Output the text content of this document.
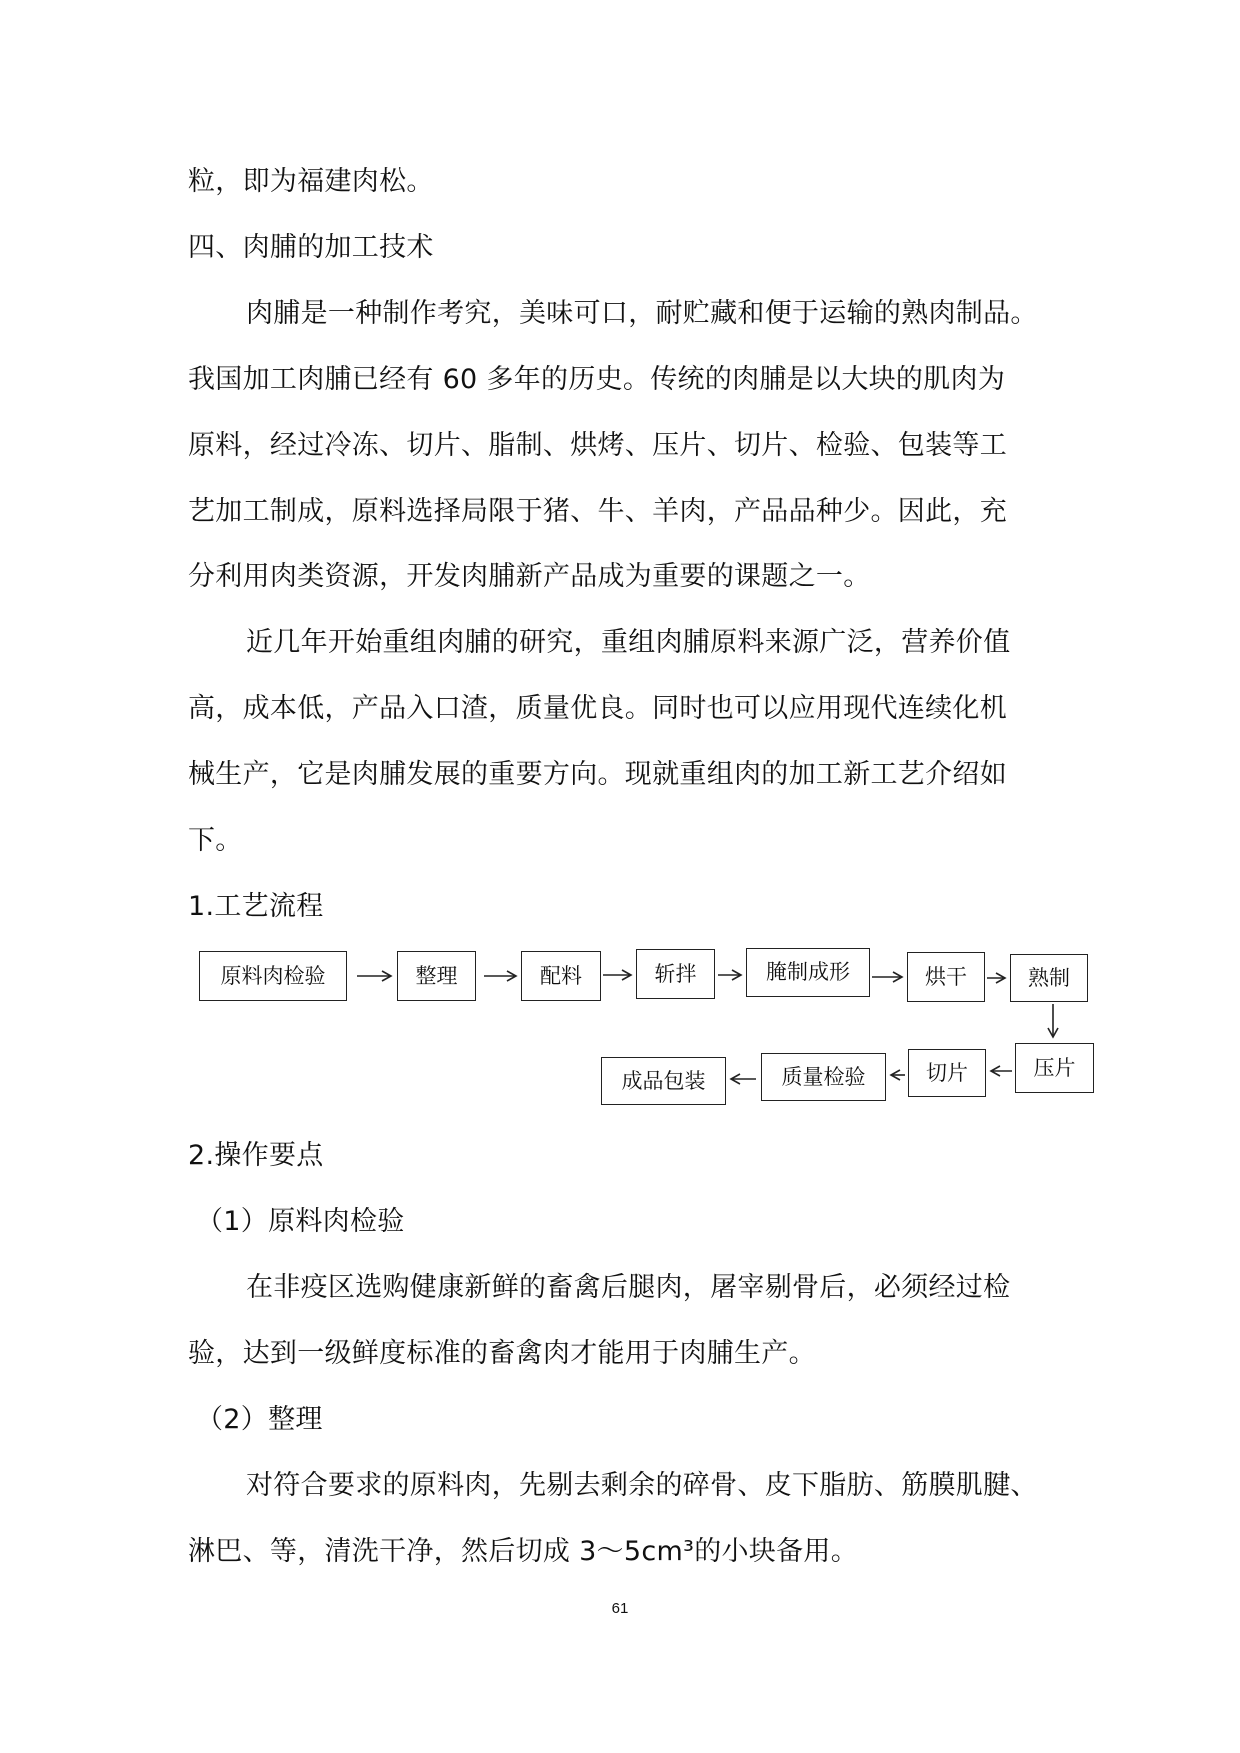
粒，即为福建肉松。
四、肉脯的加工技术
肉脯是一种制作考究，美味可口，耐贮藏和便于运输的熟肉制品。
我国加工肉脯已经有 60 多年的历史。传统的肉脯是以大块的肌肉为
原料，经过冷冻、切片、脂制、烘烤、压片、切片、检验、包装等工
艺加工制成，原料选择局限于猪、牛、羊肉，产品品种少。因此，充
分利用肉类资源，开发肉脯新产品成为重要的课题之一。
近几年开始重组肉脯的研究，重组肉脯原料来源广泛，营养价值
高，成本低，产品入口渣，质量优良。同时也可以应用现代连续化机
械生产，它是肉脯发展的重要方向。现就重组肉的加工新工艺介绍如
下。
1.工艺流程
原料肉检验	整理	配料	斩拌	腌制成形	烘干	熟制
压片
切片
质量检验
成品包装
2.操作要点
（1）原料肉检验
在非疫区选购健康新鲜的畜禽后腿肉，屠宰剔骨后，必须经过检
验，达到一级鲜度标准的畜禽肉才能用于肉脯生产。
（2）整理
对符合要求的原料肉，先剔去剩余的碎骨、皮下脂肪、筋膜肌腱、
淋巴、等，清洗干净，然后切成 3～5cm³的小块备用。
61
